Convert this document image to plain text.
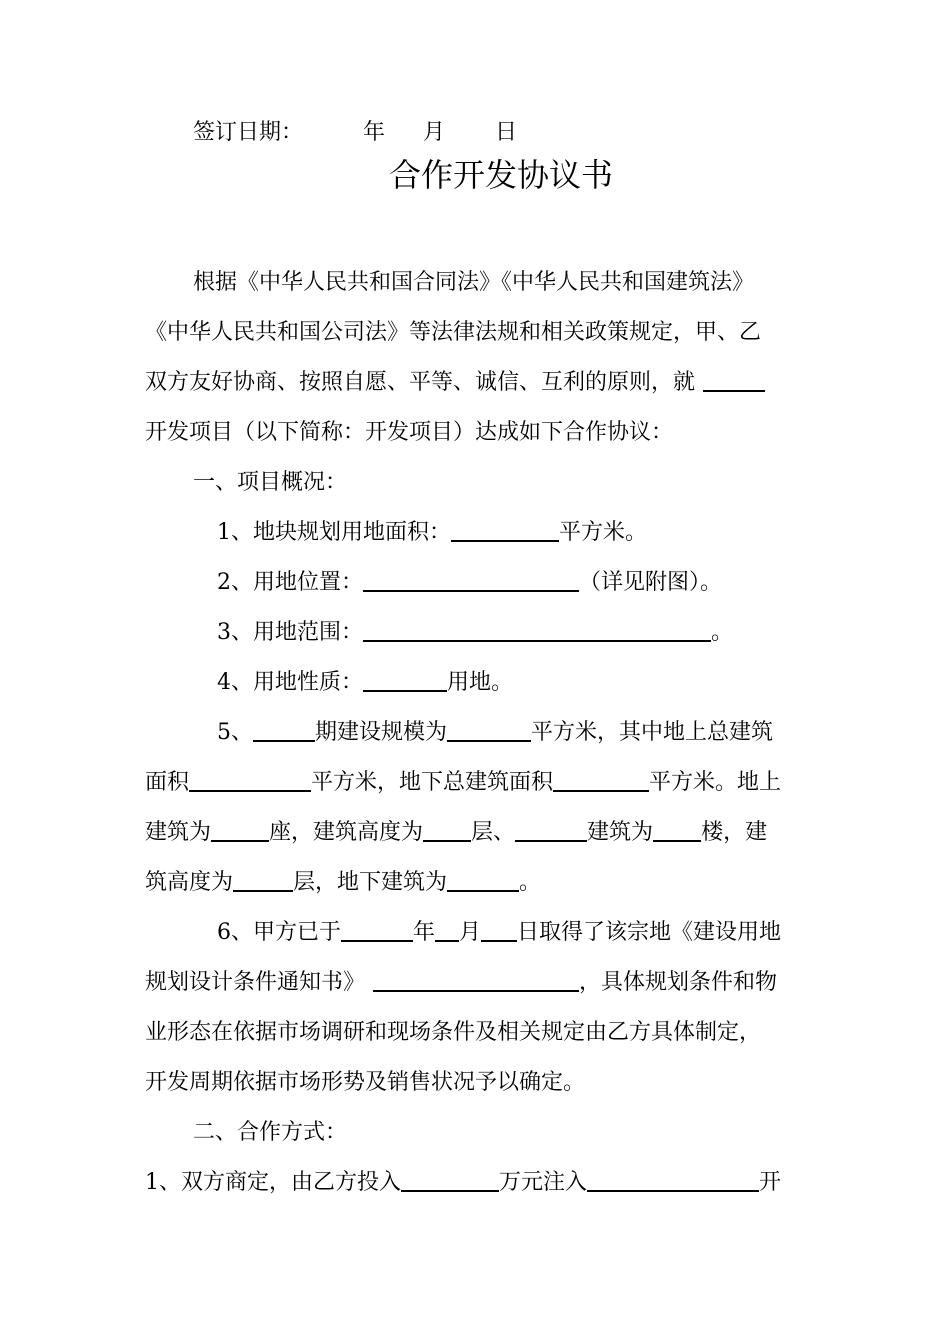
签订日期：	年 月 日
合作开发协议书
根据《中华人民共和国合同法》《中华人民共和国建筑法》
《中华人民共和国公司法》等法律法规和相关政策规定，甲、乙
双方友好协商、按照自愿、平等、诚信、互利的原则，就
开发项目（以下简称：开发项目）达成如下合作协议：
一、项目概况：
1、地块规划用地面积：	平方米。
2、用地位置：	（详见附图）。
3、用地范围：	。
4、用地性质：	用地。
5、	期建设规模为	平方米，其中地上总建筑
面积	平方米，地下总建筑面积	平方米。地上
建筑为	座，建筑高度为 层、	建筑为 楼，建
筑高度为	层，地下建筑为	。
6、甲方已于	年 月 日取得了该宗地《建设用地
规划设计条件通知书》	，具体规划条件和物
业形态在依据市场调研和现场条件及相关规定由乙方具体制定，
开发周期依据市场形势及销售状况予以确定。
二、合作方式：
1、双方商定，由乙方投入	万元注入	开
